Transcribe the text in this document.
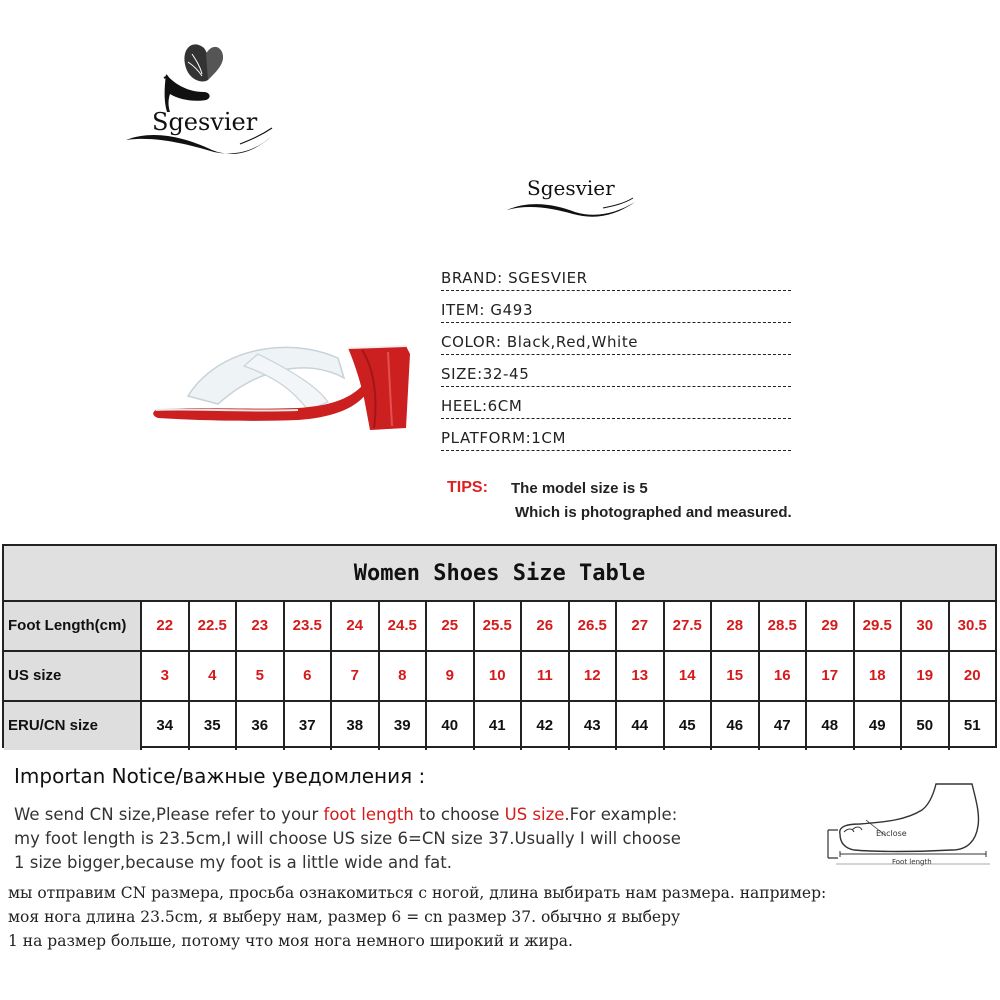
Sgesvier
Sgesvier
BRAND: SGESVIER
ITEM: G493
COLOR: Black,Red,White
SIZE:32-45
HEEL:6CM
PLATFORM:1CM
TIPS: The model size is 5
Which is photographed and measured.
Women Shoes Size Table
Foot Length(cm)	22	22.5	23	23.5	24	24.5	25	25.5	26	26.5	27	27.5	28	28.5	29	29.5	30	30.5
US size	3	4	5	6	7	8	9	10	11	12	13	14	15	16	17	18	19	20
ERU/CN size	34	35	36	37	38	39	40	41	42	43	44	45	46	47	48	49	50	51
Importan Notice/важные уведомления :
We send CN size,Please refer to your foot length to choose US size.For example:
my foot length is 23.5cm,I will choose US size 6=CN size 37.Usually I will choose
1 size bigger,because my foot is a little wide and fat.
мы отправим CN размера, просьба ознакомиться с ногой, длина выбирать нам размера. например:
моя нога длина 23.5cm, я выберу нам, размер 6 = cn размер 37. обычно я выберу
1 на размер больше, потому что моя нога немного широкий и жира.
Enclose
Foot length
